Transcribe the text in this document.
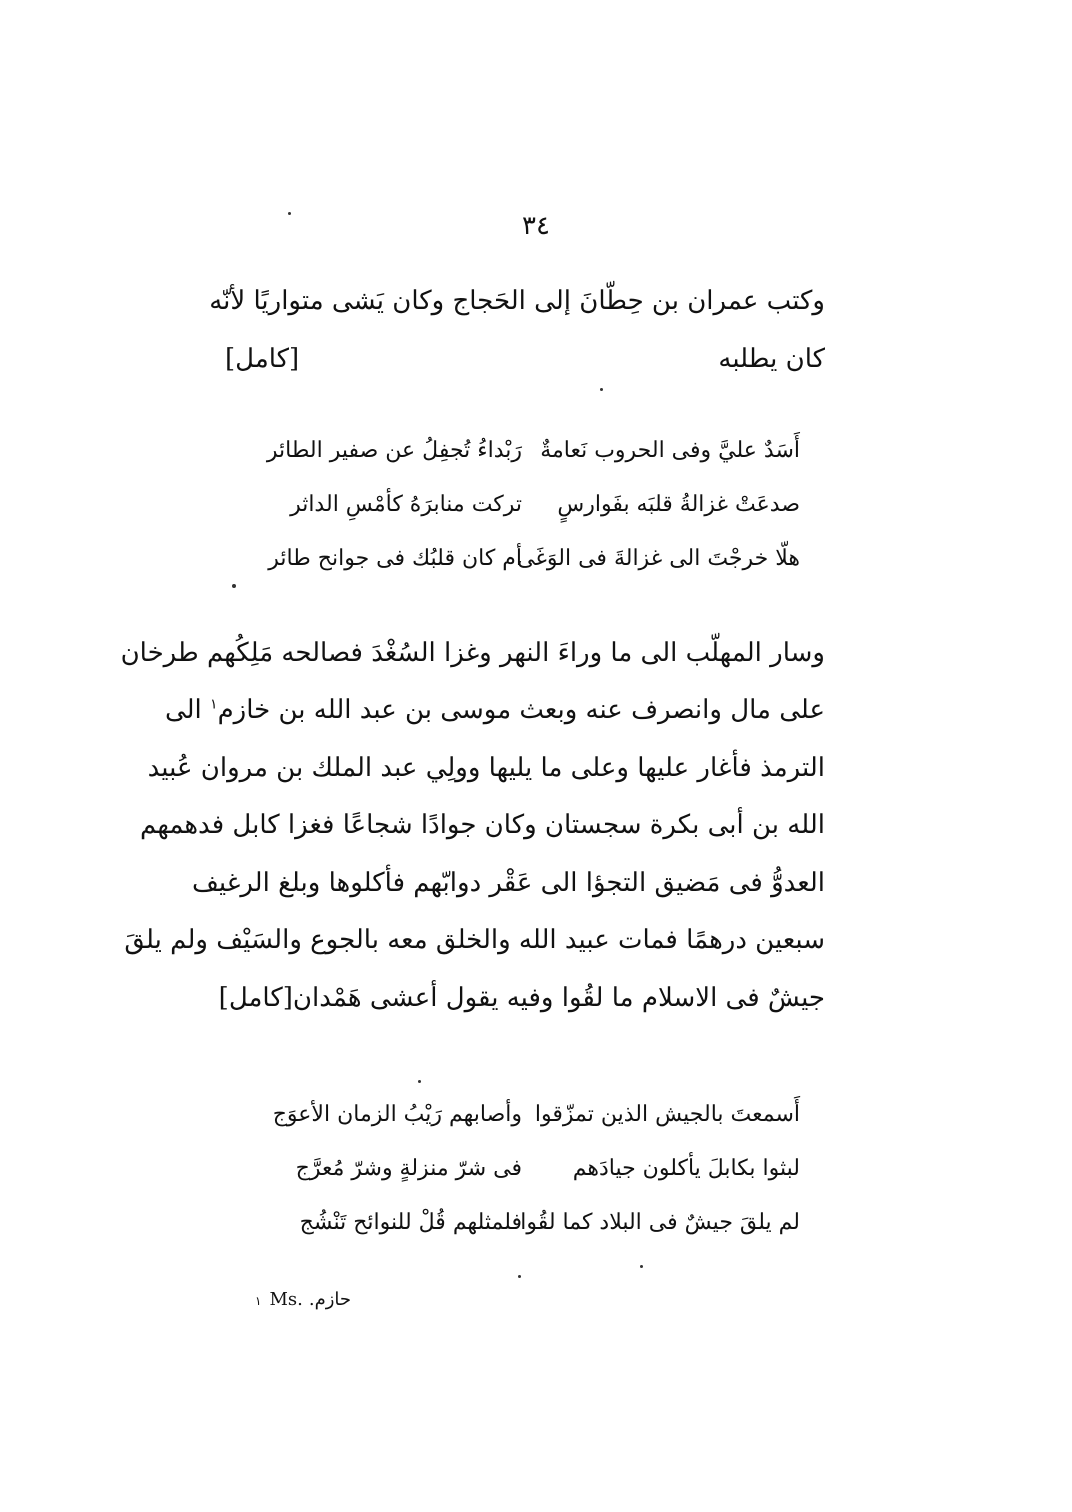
٣٤
وكتب عمران بن حِطّانَ إلى الحَجاج وكان يَشى متواريًا لأنّه
كان يطلبه
[كامل]
أَسَدٌ عليَّ وفى الحروب نَعامةٌ
رَبْداءُ تُجفِلُ عن صفير الطائر
صدعَتْ غزالةُ قلبَه بفَوارسٍ
تركت منابرَهُ كأمْسِ الداثر
هلّا خرجْتَ الى غزالةَ فى الوَغَى
أم كان قلبُك فى جوانح طائر
وسار المهلّب الى ما وراءَ النهر وغزا السُغْدَ فصالحه مَلِكُهم طرخان
على مال وانصرف عنه وبعث موسى بن عبد الله بن خازم$^١$ الى
الترمذ فأغار عليها وعلى ما يليها وولِي عبد الملك بن مروان عُبيد
الله بن أبى بكرة سجستان وكان جوادًا شجاعًا فغزا كابل فدهمهم
العدوُّ فى مَضيق التجؤا الى عَقْر دوابّهم فأكلوها وبلغ الرغيف
سبعين درهمًا فمات عبيد الله والخلق معه بالجوع والسَيْف ولم يلقَ
جيشٌ فى الاسلام ما لقُوا وفيه يقول أعشى هَمْدان
[كامل]
أَسمعتَ بالجيش الذين تمزّقوا
وأصابهم رَيْبُ الزمان الأعوَج
لبثوا بكابلَ يأكلون جيادَهم
فى شرّ منزلةٍ وشرّ مُعرَّج
لم يلقَ جيشٌ فى البلاد كما لقُوا
فلمثلهم قُلْ للنوائح تَنْشُج
١ Ms. حازم.
